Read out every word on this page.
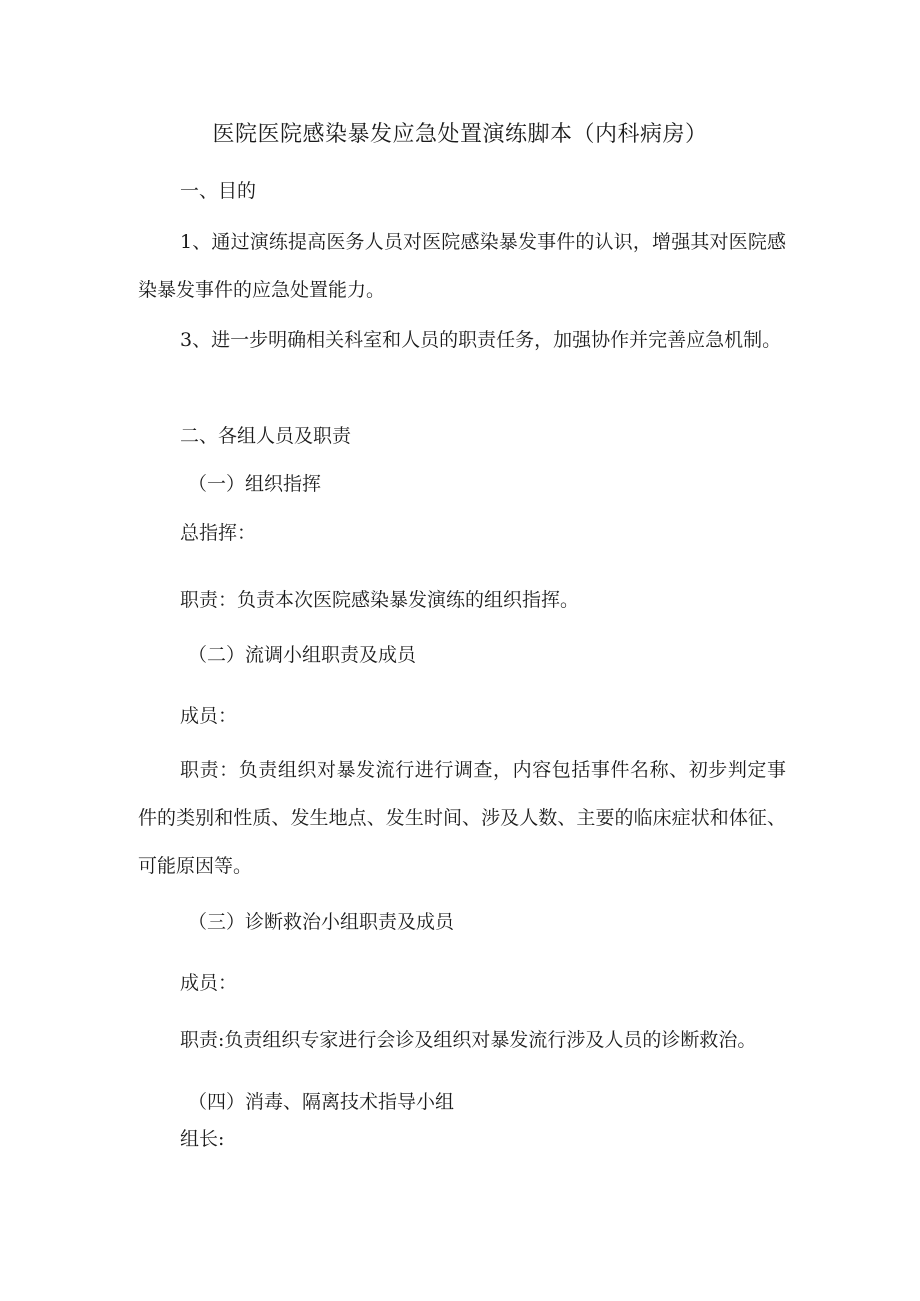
医院医院感染暴发应急处置演练脚本（内科病房）
一、目的
1、通过演练提高医务人员对医院感染暴发事件的认识，增强其对医院感染暴发事件的应急处置能力。
3、进一步明确相关科室和人员的职责任务，加强协作并完善应急机制。
二、各组人员及职责
（一）组织指挥
总指挥：
职责：负责本次医院感染暴发演练的组织指挥。
（二）流调小组职责及成员
成员：
职责：负责组织对暴发流行进行调查，内容包括事件名称、初步判定事件的类别和性质、发生地点、发生时间、涉及人数、主要的临床症状和体征、可能原因等。
（三）诊断救治小组职责及成员
成员：
职责:负责组织专家进行会诊及组织对暴发流行涉及人员的诊断救治。
（四）消毒、隔离技术指导小组
组长:
